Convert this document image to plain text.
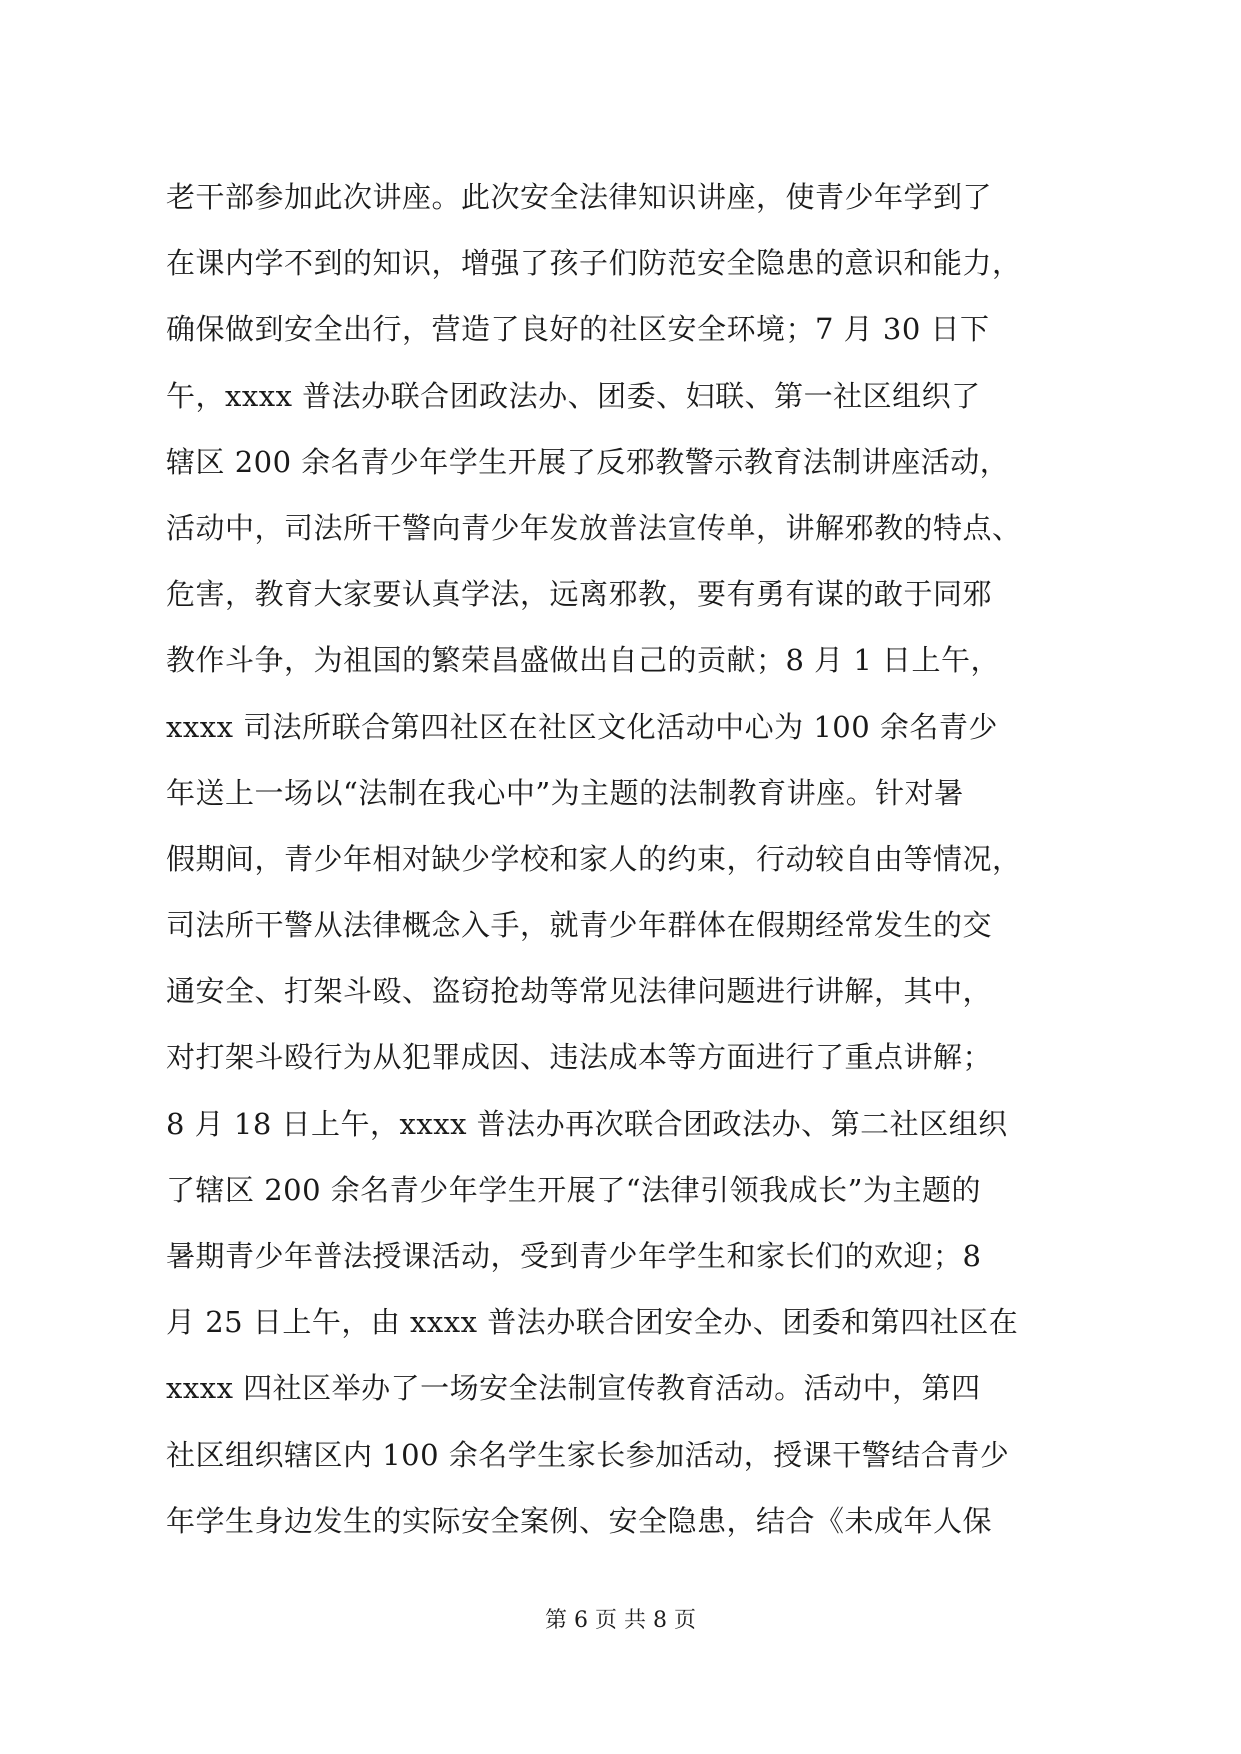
老干部参加此次讲座。此次安全法律知识讲座，使青少年学到了
在课内学不到的知识，增强了孩子们防范安全隐患的意识和能力，
确保做到安全出行，营造了良好的社区安全环境；7 月 30 日下
午，xxxx 普法办联合团政法办、团委、妇联、第一社区组织了
辖区 200 余名青少年学生开展了反邪教警示教育法制讲座活动，
活动中，司法所干警向青少年发放普法宣传单，讲解邪教的特点、
危害，教育大家要认真学法，远离邪教，要有勇有谋的敢于同邪
教作斗争，为祖国的繁荣昌盛做出自己的贡献；8 月 1 日上午，
xxxx 司法所联合第四社区在社区文化活动中心为 100 余名青少
年送上一场以“法制在我心中”为主题的法制教育讲座。针对暑
假期间，青少年相对缺少学校和家人的约束，行动较自由等情况，
司法所干警从法律概念入手，就青少年群体在假期经常发生的交
通安全、打架斗殴、盗窃抢劫等常见法律问题进行讲解，其中，
对打架斗殴行为从犯罪成因、违法成本等方面进行了重点讲解；
8 月 18 日上午，xxxx 普法办再次联合团政法办、第二社区组织
了辖区 200 余名青少年学生开展了“法律引领我成长”为主题的
暑期青少年普法授课活动，受到青少年学生和家长们的欢迎；8
月 25 日上午，由 xxxx 普法办联合团安全办、团委和第四社区在
xxxx 四社区举办了一场安全法制宣传教育活动。活动中，第四
社区组织辖区内 100 余名学生家长参加活动，授课干警结合青少
年学生身边发生的实际安全案例、安全隐患，结合《未成年人保
第 6 页 共 8 页
